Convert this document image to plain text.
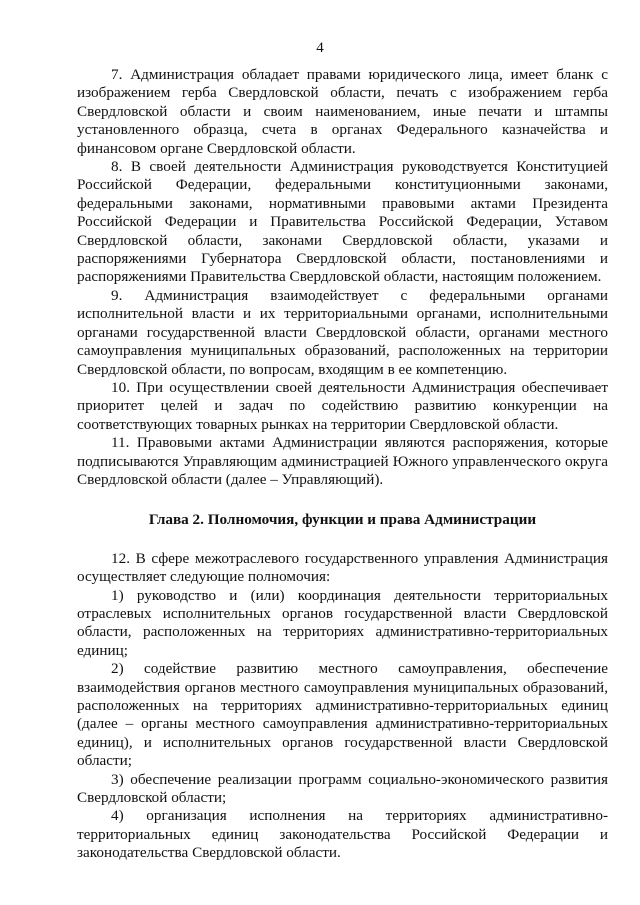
4

7. Администрация обладает правами юридического лица, имеет бланк с изображением герба Свердловской области, печать с изображением герба Свердловской области и своим наименованием, иные печати и штампы установленного образца, счета в органах Федерального казначейства и финансовом органе Свердловской области.

8. В своей деятельности Администрация руководствуется Конституцией Российской Федерации, федеральными конституционными законами, федеральными законами, нормативными правовыми актами Президента Российской Федерации и Правительства Российской Федерации, Уставом Свердловской области, законами Свердловской области, указами и распоряжениями Губернатора Свердловской области, постановлениями и распоряжениями Правительства Свердловской области, настоящим положением.

9. Администрация взаимодействует с федеральными органами исполнительной власти и их территориальными органами, исполнительными органами государственной власти Свердловской области, органами местного самоуправления муниципальных образований, расположенных на территории Свердловской области, по вопросам, входящим в ее компетенцию.

10. При осуществлении своей деятельности Администрация обеспечивает приоритет целей и задач по содействию развитию конкуренции на соответствующих товарных рынках на территории Свердловской области.

11. Правовыми актами Администрации являются распоряжения, которые подписываются Управляющим администрацией Южного управленческого округа Свердловской области (далее – Управляющий).

Глава 2. Полномочия, функции и права Администрации

12. В сфере межотраслевого государственного управления Администрация осуществляет следующие полномочия:

1) руководство и (или) координация деятельности территориальных отраслевых исполнительных органов государственной власти Свердловской области, расположенных на территориях административно-территориальных единиц;

2) содействие развитию местного самоуправления, обеспечение взаимодействия органов местного самоуправления муниципальных образований, расположенных на территориях административно-территориальных единиц (далее – органы местного самоуправления административно-территориальных единиц), и исполнительных органов государственной власти Свердловской области;

3) обеспечение реализации программ социально-экономического развития Свердловской области;

4) организация исполнения на территориях административно-территориальных единиц законодательства Российской Федерации и законодательства Свердловской области.
